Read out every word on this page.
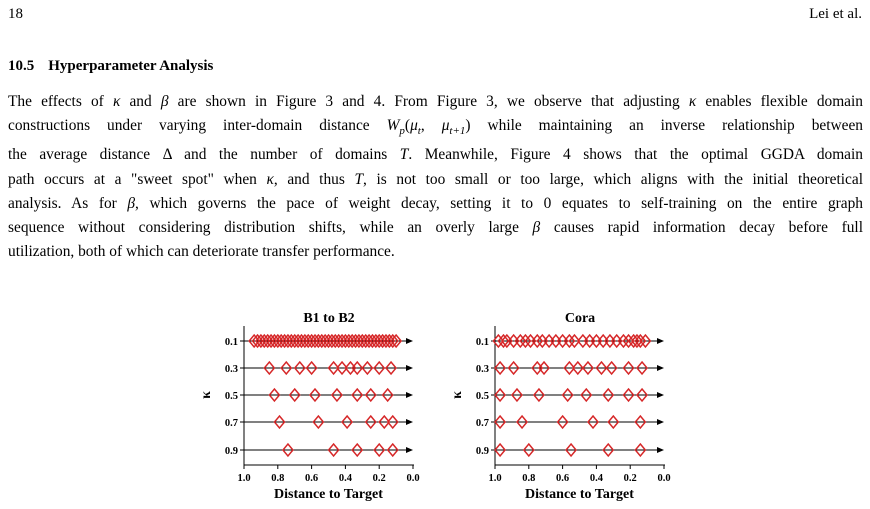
18	Lei et al.
10.5 Hyperparameter Analysis
The effects of κ and β are shown in Figure 3 and 4. From Figure 3, we observe that adjusting κ enables flexible domain
constructions under varying inter-domain distance $W_p(\mu_t$, $\mu_{t+1}$) while maintaining an inverse relationship between
the average distance Δ and the number of domains T. Meanwhile, Figure 4 shows that the optimal GGDA domain
path occurs at a "sweet spot" when κ, and thus T, is not too small or too large, which aligns with the initial theoretical
analysis. As for β, which governs the pace of weight decay, setting it to 0 equates to self-training on the entire graph
sequence without considering distribution shifts, while an overly large β causes rapid information decay before full
utilization, both of which can deteriorate transfer performance.
B1 to B2
1.0 0.8 0.6 0.4 0.2 0.0
Distance to Target
0.1
0.3
0.5
0.7
0.9
κ
Cora
1.0 0.8 0.6 0.4 0.2 0.0
Distance to Target
0.1
0.3
0.5
0.7
0.9
κ
